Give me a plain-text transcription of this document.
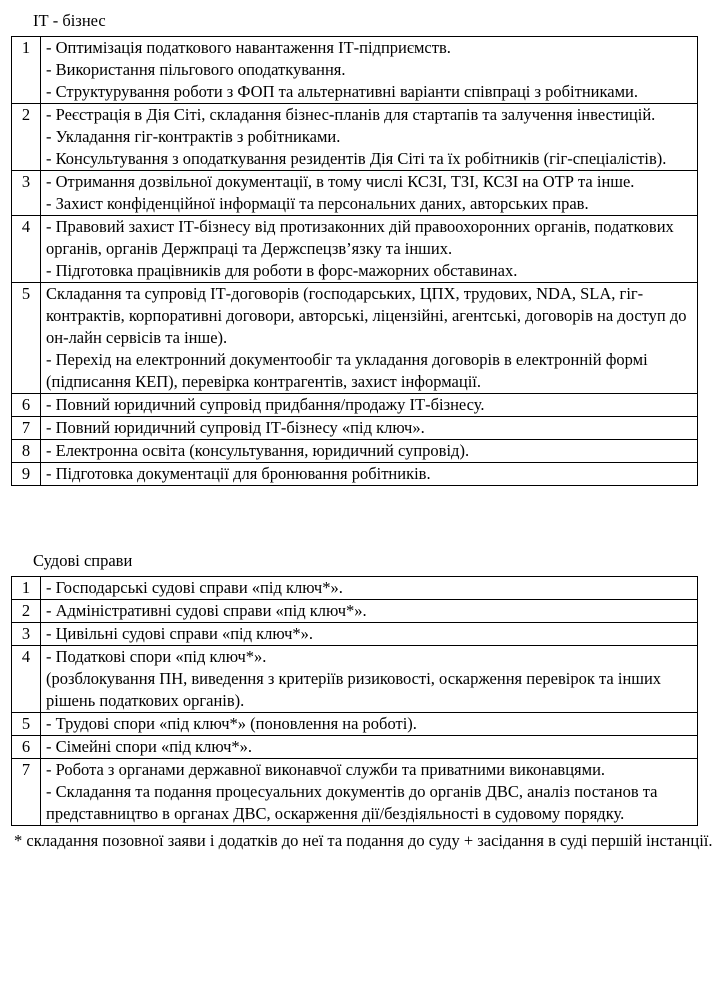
ІТ - бізнес
1	- Оптимізація податкового навантаження ІТ-підприємств.
- Використання пільгового оподаткування.
- Структурування роботи з ФОП та альтернативні варіанти співпраці з робітниками.

2	- Реєстрація в Дія Сіті, складання бізнес-планів для стартапів та залучення інвестицій.
- Укладання гіг-контрактів з робітниками.
- Консультування з оподаткування резидентів Дія Сіті та їх робітників (гіг-спеціалістів).

3	- Отримання дозвільної документації, в тому числі КСЗІ, ТЗІ, КСЗІ на ОТР та інше.
- Захист конфіденційної інформації та персональних даних, авторських прав.

4	- Правовий захист ІТ-бізнесу від протизаконних дій правоохоронних органів, податкових органів, органів Держпраці та Держспецзв’язку та інших.
- Підготовка працівників для роботи в форс-мажорних обставинах.

5	Складання та супровід ІТ-договорів (господарських, ЦПХ, трудових, NDA, SLA, гіг-контрактів, корпоративні договори, авторські, ліцензійні, агентські, договорів на доступ до он-лайн сервісів та інше).
- Перехід на електронний документообіг та укладання договорів в електронній формі (підписання КЕП), перевірка контрагентів, захист інформації.

6	- Повний юридичний супровід придбання/продажу ІТ-бізнесу.

7	- Повний юридичний супровід ІТ-бізнесу «під ключ».

8	- Електронна освіта (консультування, юридичний супровід).

9	- Підготовка документації для бронювання робітників.
Судові справи
1	- Господарські судові справи «під ключ*».

2	- Адміністративні судові справи «під ключ*».

3	- Цивільні судові справи «під ключ*».

4	- Податкові спори «під ключ*».
(розблокування ПН, виведення з критеріїв ризиковості, оскарження перевірок та інших рішень податкових органів).

5	- Трудові спори «під ключ*» (поновлення на роботі).

6	- Сімейні спори «під ключ*».

7	- Робота з органами державної виконавчої служби та приватними виконавцями.
- Складання та подання процесуальних документів до органів ДВС, аналіз постанов та представництво в органах ДВС, оскарження дії/бездіяльності в судовому порядку.
* складання позовної заяви і додатків до неї та подання до суду + засідання в суді першій інстанції.
